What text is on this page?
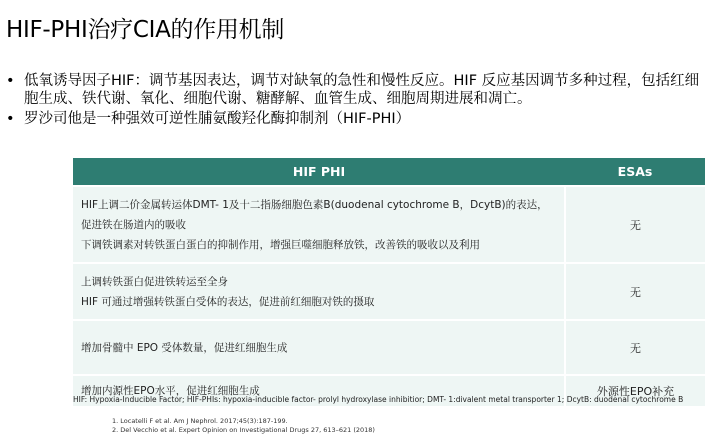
HIF-PHI治疗CIA的作用机制
• 低氧诱导因子HIF：调节基因表达，调节对缺氧的急性和慢性反应。HIF 反应基因调节多种过程，包括红细胞生成、铁代谢、氧化、细胞代谢、糖酵解、血管生成、细胞周期进展和凋亡。
• 罗沙司他是一种强效可逆性脯氨酸羟化酶抑制剂（HIF-PHI）
HIF PHI	ESAs

HIF上调二价金属转运体DMT- 1及十二指肠细胞色素B(duodenal cytochrome B，DcytB)的表达，促进铁在肠道内的吸收
下调铁调素对转铁蛋白蛋白的抑制作用，增强巨噬细胞释放铁，改善铁的吸收以及利用	无

上调转铁蛋白促进铁转运至全身
HIF 可通过增强转铁蛋白受体的表达，促进前红细胞对铁的摄取	无

增加骨髓中 EPO 受体数量，促进红细胞生成	无

增加内源性EPO水平，促进红细胞生成	外源性EPO补充
HIF: Hypoxia-Inducible Factor; HIF-PHIs: hypoxia-inducible factor- prolyl hydroxylase inhibitior; DMT- 1:divalent metal transporter 1; DcytB: duodenal cytochrome B
1. Locatelli F et al. Am J Nephrol. 2017;45(3):187-199.
2. Del Vecchio et al. Expert Opinion on Investigational Drugs 27, 613–621 (2018)
